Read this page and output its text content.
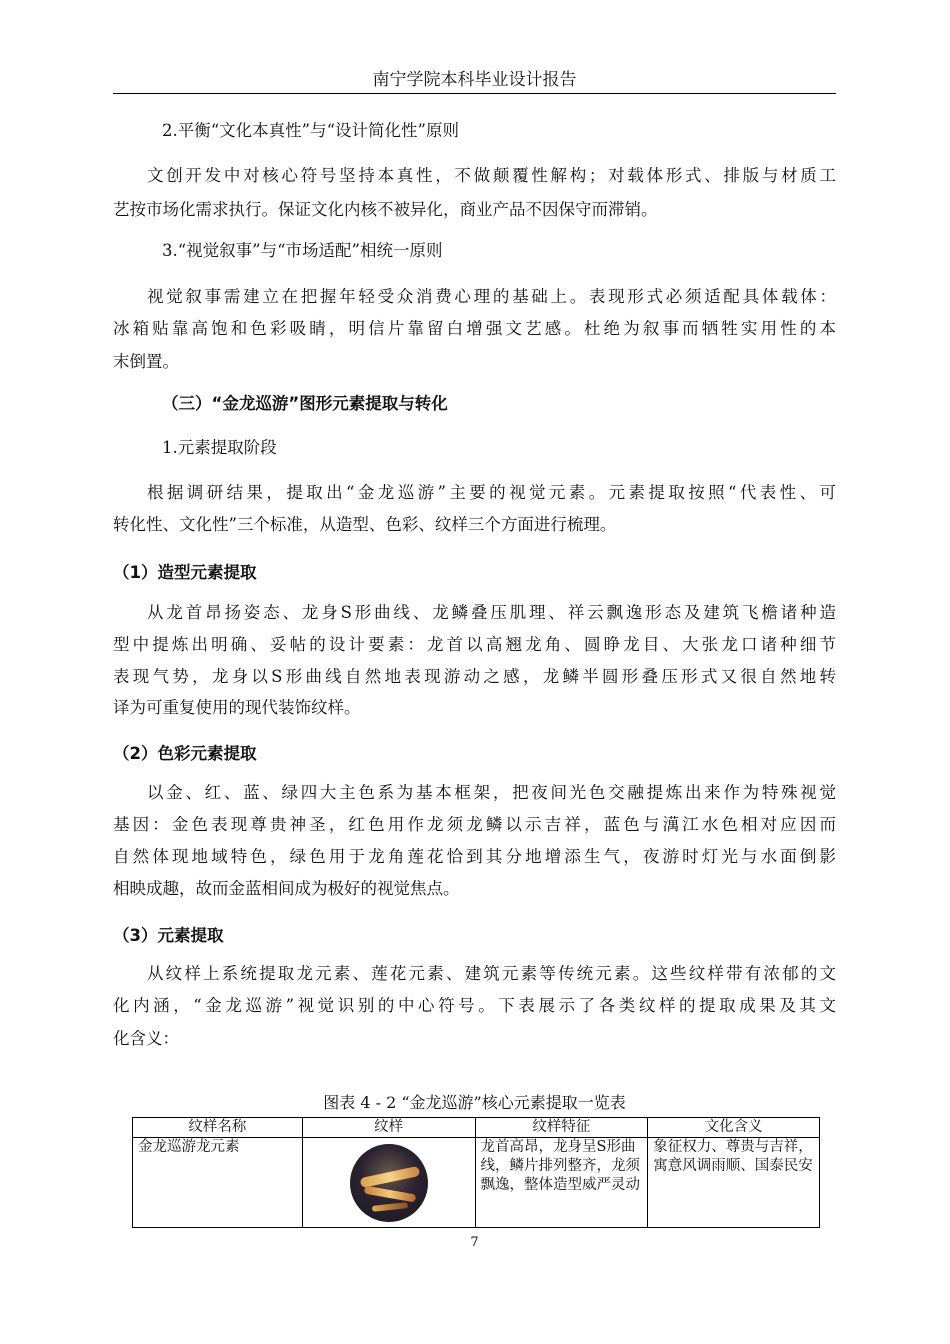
南宁学院本科毕业设计报告
2.平衡“文化本真性”与“设计简化性”原则
文创开发中对核心符号坚持本真性，不做颠覆性解构；对载体形式、排版与材质工
艺按市场化需求执行。保证文化内核不被异化，商业产品不因保守而滞销。
3.“视觉叙事”与“市场适配”相统一原则
视觉叙事需建立在把握年轻受众消费心理的基础上。表现形式必须适配具体载体：
冰箱贴靠高饱和色彩吸睛，明信片靠留白增强文艺感。杜绝为叙事而牺牲实用性的本
末倒置。
（三）“金龙巡游”图形元素提取与转化
1.元素提取阶段
根据调研结果，提取出“金龙巡游”主要的视觉元素。元素提取按照“代表性、可
转化性、文化性”三个标准，从造型、色彩、纹样三个方面进行梳理。
（1）造型元素提取
从龙首昂扬姿态、龙身S形曲线、龙鳞叠压肌理、祥云飘逸形态及建筑飞檐诸种造
型中提炼出明确、妥帖的设计要素：龙首以高翘龙角、圆睁龙目、大张龙口诸种细节
表现气势，龙身以S形曲线自然地表现游动之感，龙鳞半圆形叠压形式又很自然地转
译为可重复使用的现代装饰纹样。
（2）色彩元素提取
以金、红、蓝、绿四大主色系为基本框架，把夜间光色交融提炼出来作为特殊视觉
基因：金色表现尊贵神圣，红色用作龙须龙鳞以示吉祥，蓝色与澫江水色相对应因而
自然体现地域特色，绿色用于龙角莲花恰到其分地增添生气，夜游时灯光与水面倒影
相映成趣，故而金蓝相间成为极好的视觉焦点。
（3）元素提取
从纹样上系统提取龙元素、莲花元素、建筑元素等传统元素。这些纹样带有浓郁的文
化内涵，“金龙巡游”视觉识别的中心符号。下表展示了各类纹样的提取成果及其文
化含义：
图表 4 - 2 “金龙巡游”核心元素提取一览表
纹样名称	纹样	纹样特征	文化含义
金龙巡游龙元素		龙首高昂，龙身呈S形曲线，鳞片排列整齐，龙须飘逸，整体造型威严灵动	象征权力、尊贵与吉祥，寓意风调雨顺、国泰民安
7
